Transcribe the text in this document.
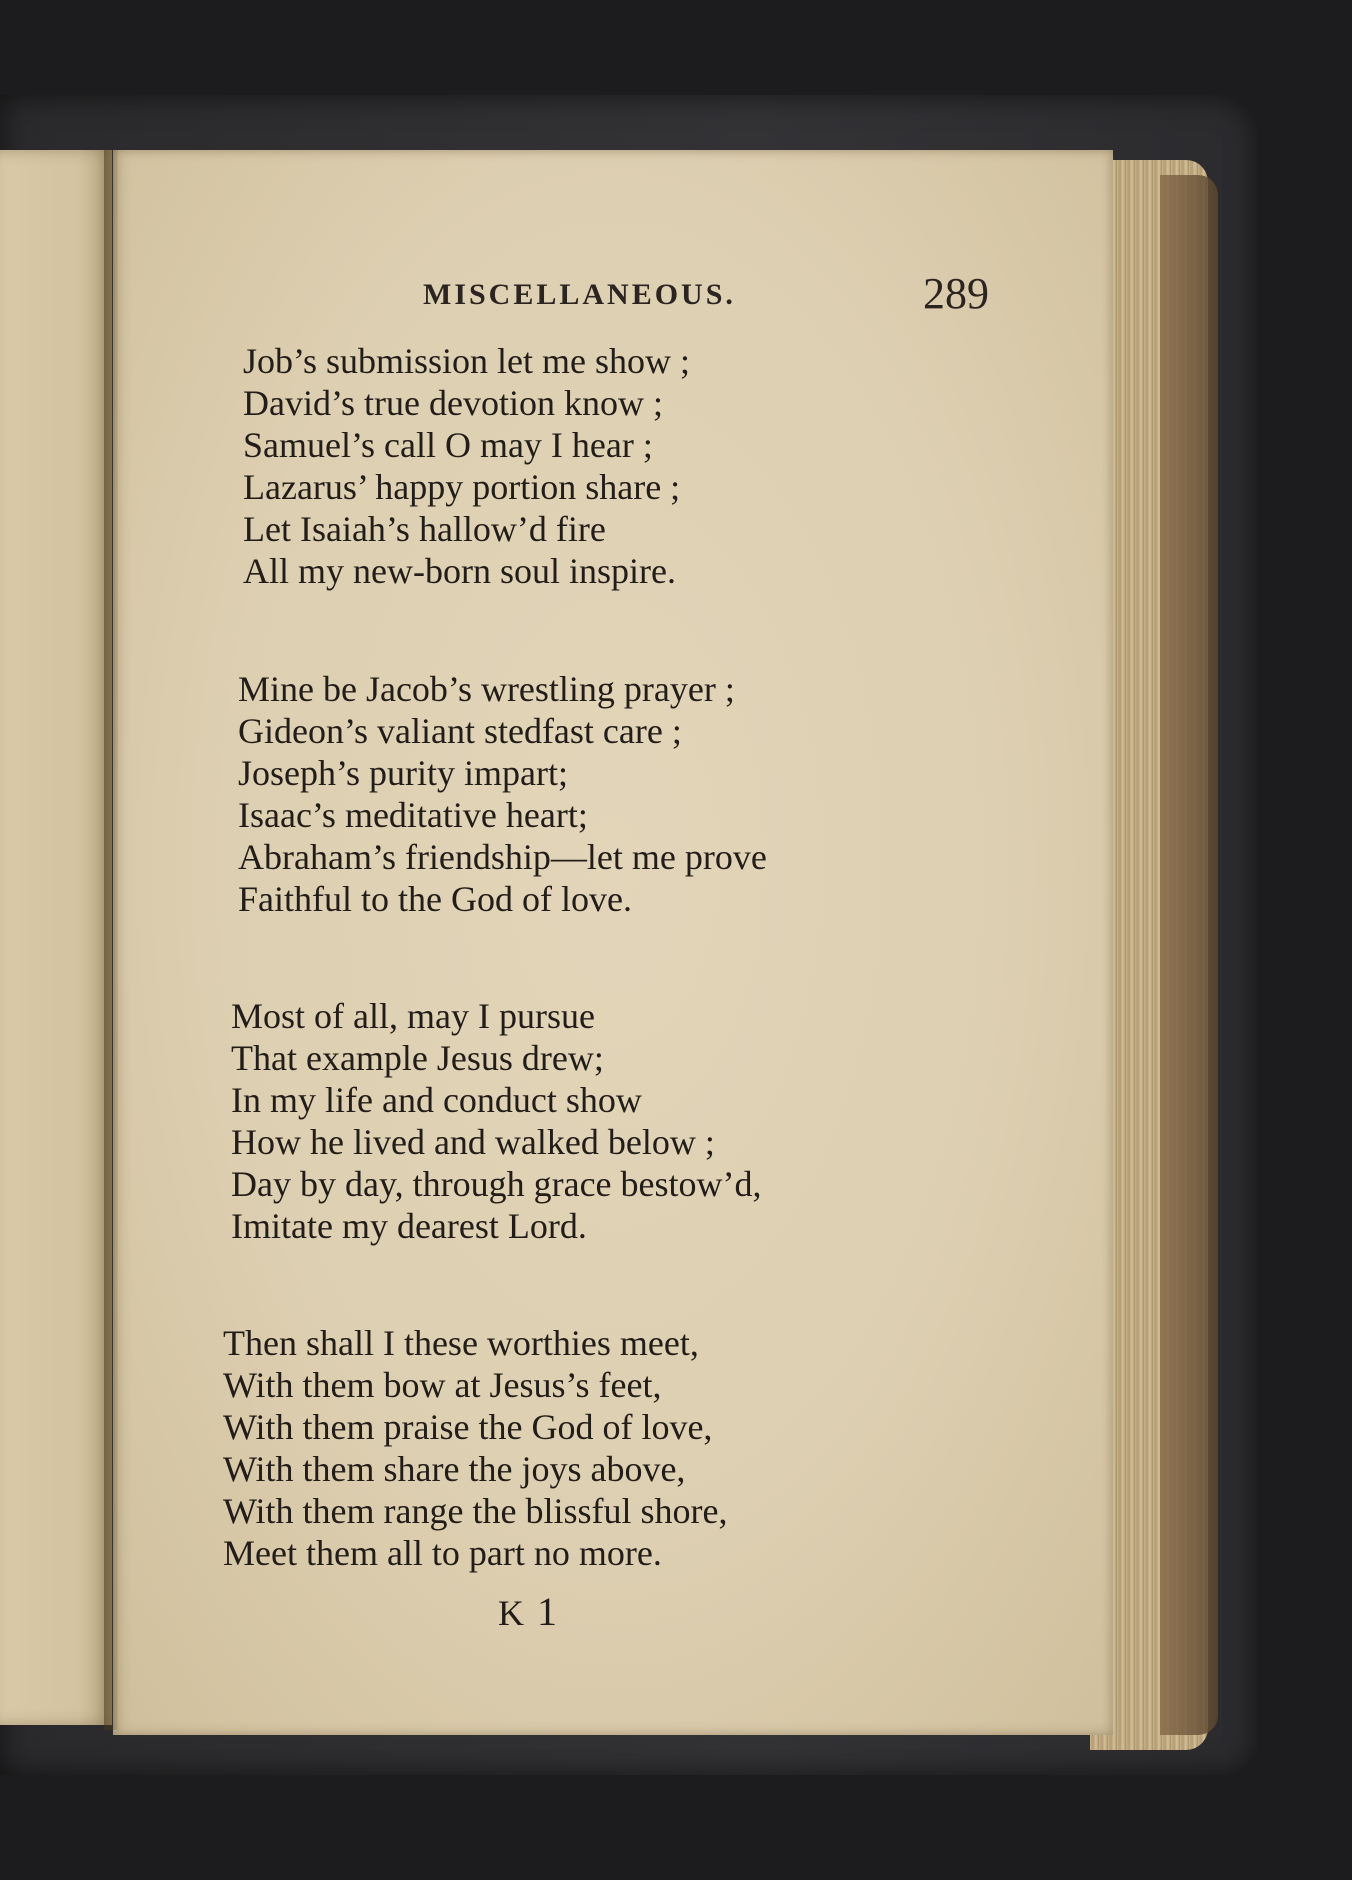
MISCELLANEOUS.	289
Job’s submission let me show ;
David’s true devotion know ;
Samuel’s call O may I hear ;
Lazarus’ happy portion share ;
Let Isaiah’s hallow’d fire
All my new-born soul inspire.
Mine be Jacob’s wrestling prayer ;
Gideon’s valiant stedfast care ;
Joseph’s purity impart;
Isaac’s meditative heart;
Abraham’s friendship—let me prove
Faithful to the God of love.
Most of all, may I pursue
That example Jesus drew;
In my life and conduct show
How he lived and walked below ;
Day by day, through grace bestow’d,
Imitate my dearest Lord.
Then shall I these worthies meet,
With them bow at Jesus’s feet,
With them praise the God of love,
With them share the joys above,
With them range the blissful shore,
Meet them all to part no more.
K 1
